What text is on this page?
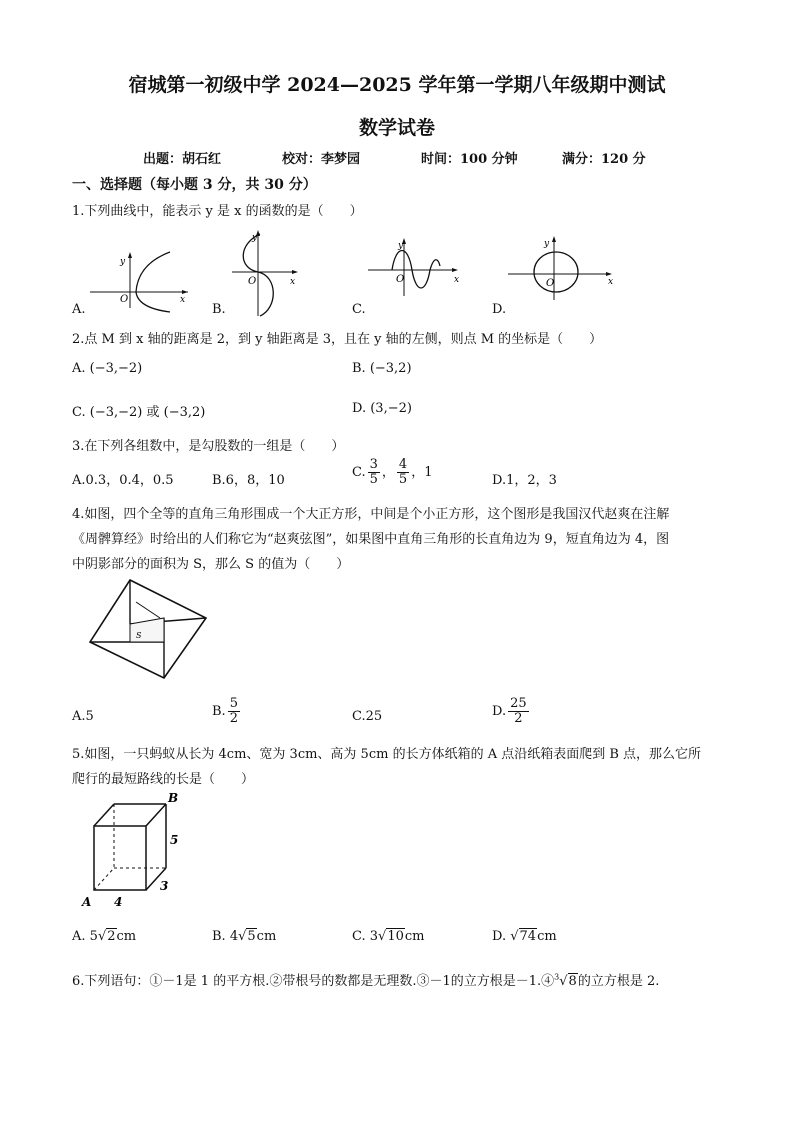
宿城第一初级中学 2024—2025 学年第一学期八年级期中测试
数学试卷
出题：胡石红	校对：李梦园	时间：100 分钟	满分：120 分
一、选择题（每小题 3 分，共 30 分）
1.下列曲线中，能表示 y 是 x 的函数的是（　　）
y
x
O
A.
y
x
O
B.
y
x
O
C.
y
x
O
D.
2.点 M 到 x 轴的距离是 2，到 y 轴距离是 3，且在 y 轴的左侧，则点 M 的坐标是（　　）
A. (−3,−2)	B. (−3,2)
C. (−3,−2) 或 (−3,2)	D. (3,−2)
3.在下列各组数中，是勾股数的一组是（　　）
A.0.3，0.4，0.5	B.6，8，10
C. $\frac{3}{5}$ ， $\frac{4}{5}$ ，1
D.1，2，3
4.如图，四个全等的直角三角形围成一个大正方形，中间是个小正方形，这个图形是我国汉代赵爽在注解
《周髀算经》时给出的人们称它为“赵爽弦图”，如果图中直角三角形的长直角边为 9，短直角边为 4，图
中阴影部分的面积为 S，那么 S 的值为（　　）
S
A.5	B. $\frac{5}{2}$	C.25	D. $\frac{25}{2}$
5.如图，一只蚂蚁从长为 4cm、宽为 3cm、高为 5cm 的长方体纸箱的 A 点沿纸箱表面爬到 B 点，那么它所
爬行的最短路线的长是（　　）
B
5
3
4
A
A. 5√2cm	B. 4√5cm	C. 3√10cm	D. √74cm
6.下列语句：①－1是 1 的平方根.②带根号的数都是无理数.③－1的立方根是－1.④$^3$√8的立方根是 2.
